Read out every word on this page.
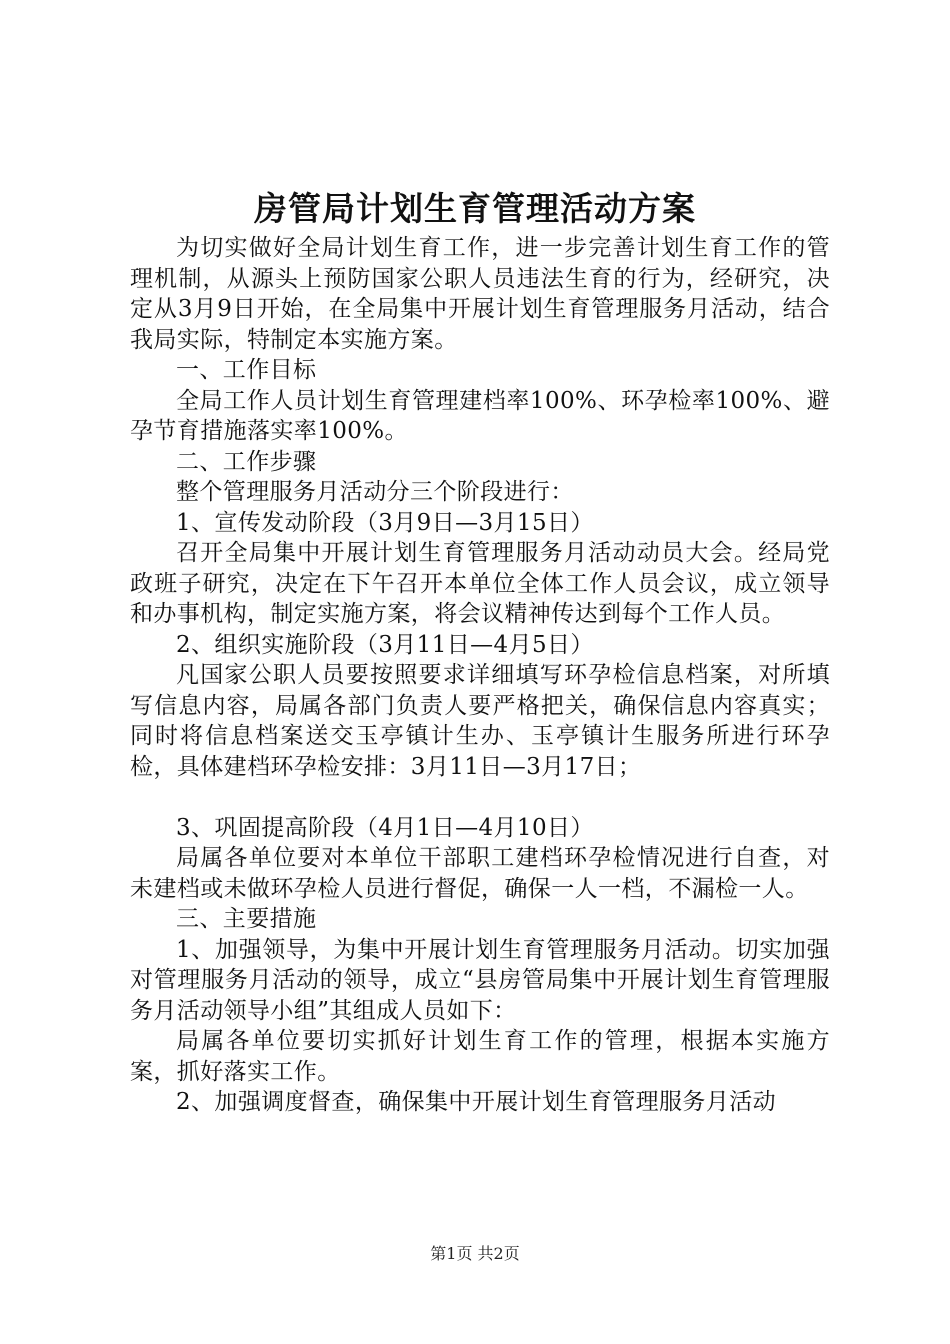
房管局计划生育管理活动方案

为切实做好全局计划生育工作，进一步完善计划生育工作的管理机制，从源头上预防国家公职人员违法生育的行为，经研究，决定从3月9日开始，在全局集中开展计划生育管理服务月活动，结合我局实际，特制定本实施方案。

一、工作目标

全局工作人员计划生育管理建档率100%、环孕检率100%、避孕节育措施落实率100%。

二、工作步骤

整个管理服务月活动分三个阶段进行：

1、宣传发动阶段（3月9日—3月15日）

召开全局集中开展计划生育管理服务月活动动员大会。经局党政班子研究，决定在下午召开本单位全体工作人员会议，成立领导和办事机构，制定实施方案，将会议精神传达到每个工作人员。

2、组织实施阶段（3月11日—4月5日）

凡国家公职人员要按照要求详细填写环孕检信息档案，对所填写信息内容，局属各部门负责人要严格把关，确保信息内容真实；同时将信息档案送交玉亭镇计生办、玉亭镇计生服务所进行环孕检，具体建档环孕检安排：3月11日—3月17日；

3、巩固提高阶段（4月1日—4月10日）

局属各单位要对本单位干部职工建档环孕检情况进行自查，对未建档或未做环孕检人员进行督促，确保一人一档，不漏检一人。

三、主要措施

1、加强领导，为集中开展计划生育管理服务月活动。切实加强对管理服务月活动的领导，成立“县房管局集中开展计划生育管理服务月活动领导小组”其组成人员如下：

局属各单位要切实抓好计划生育工作的管理，根据本实施方案，抓好落实工作。

2、加强调度督查，确保集中开展计划生育管理服务月活动

第1页 共2页
